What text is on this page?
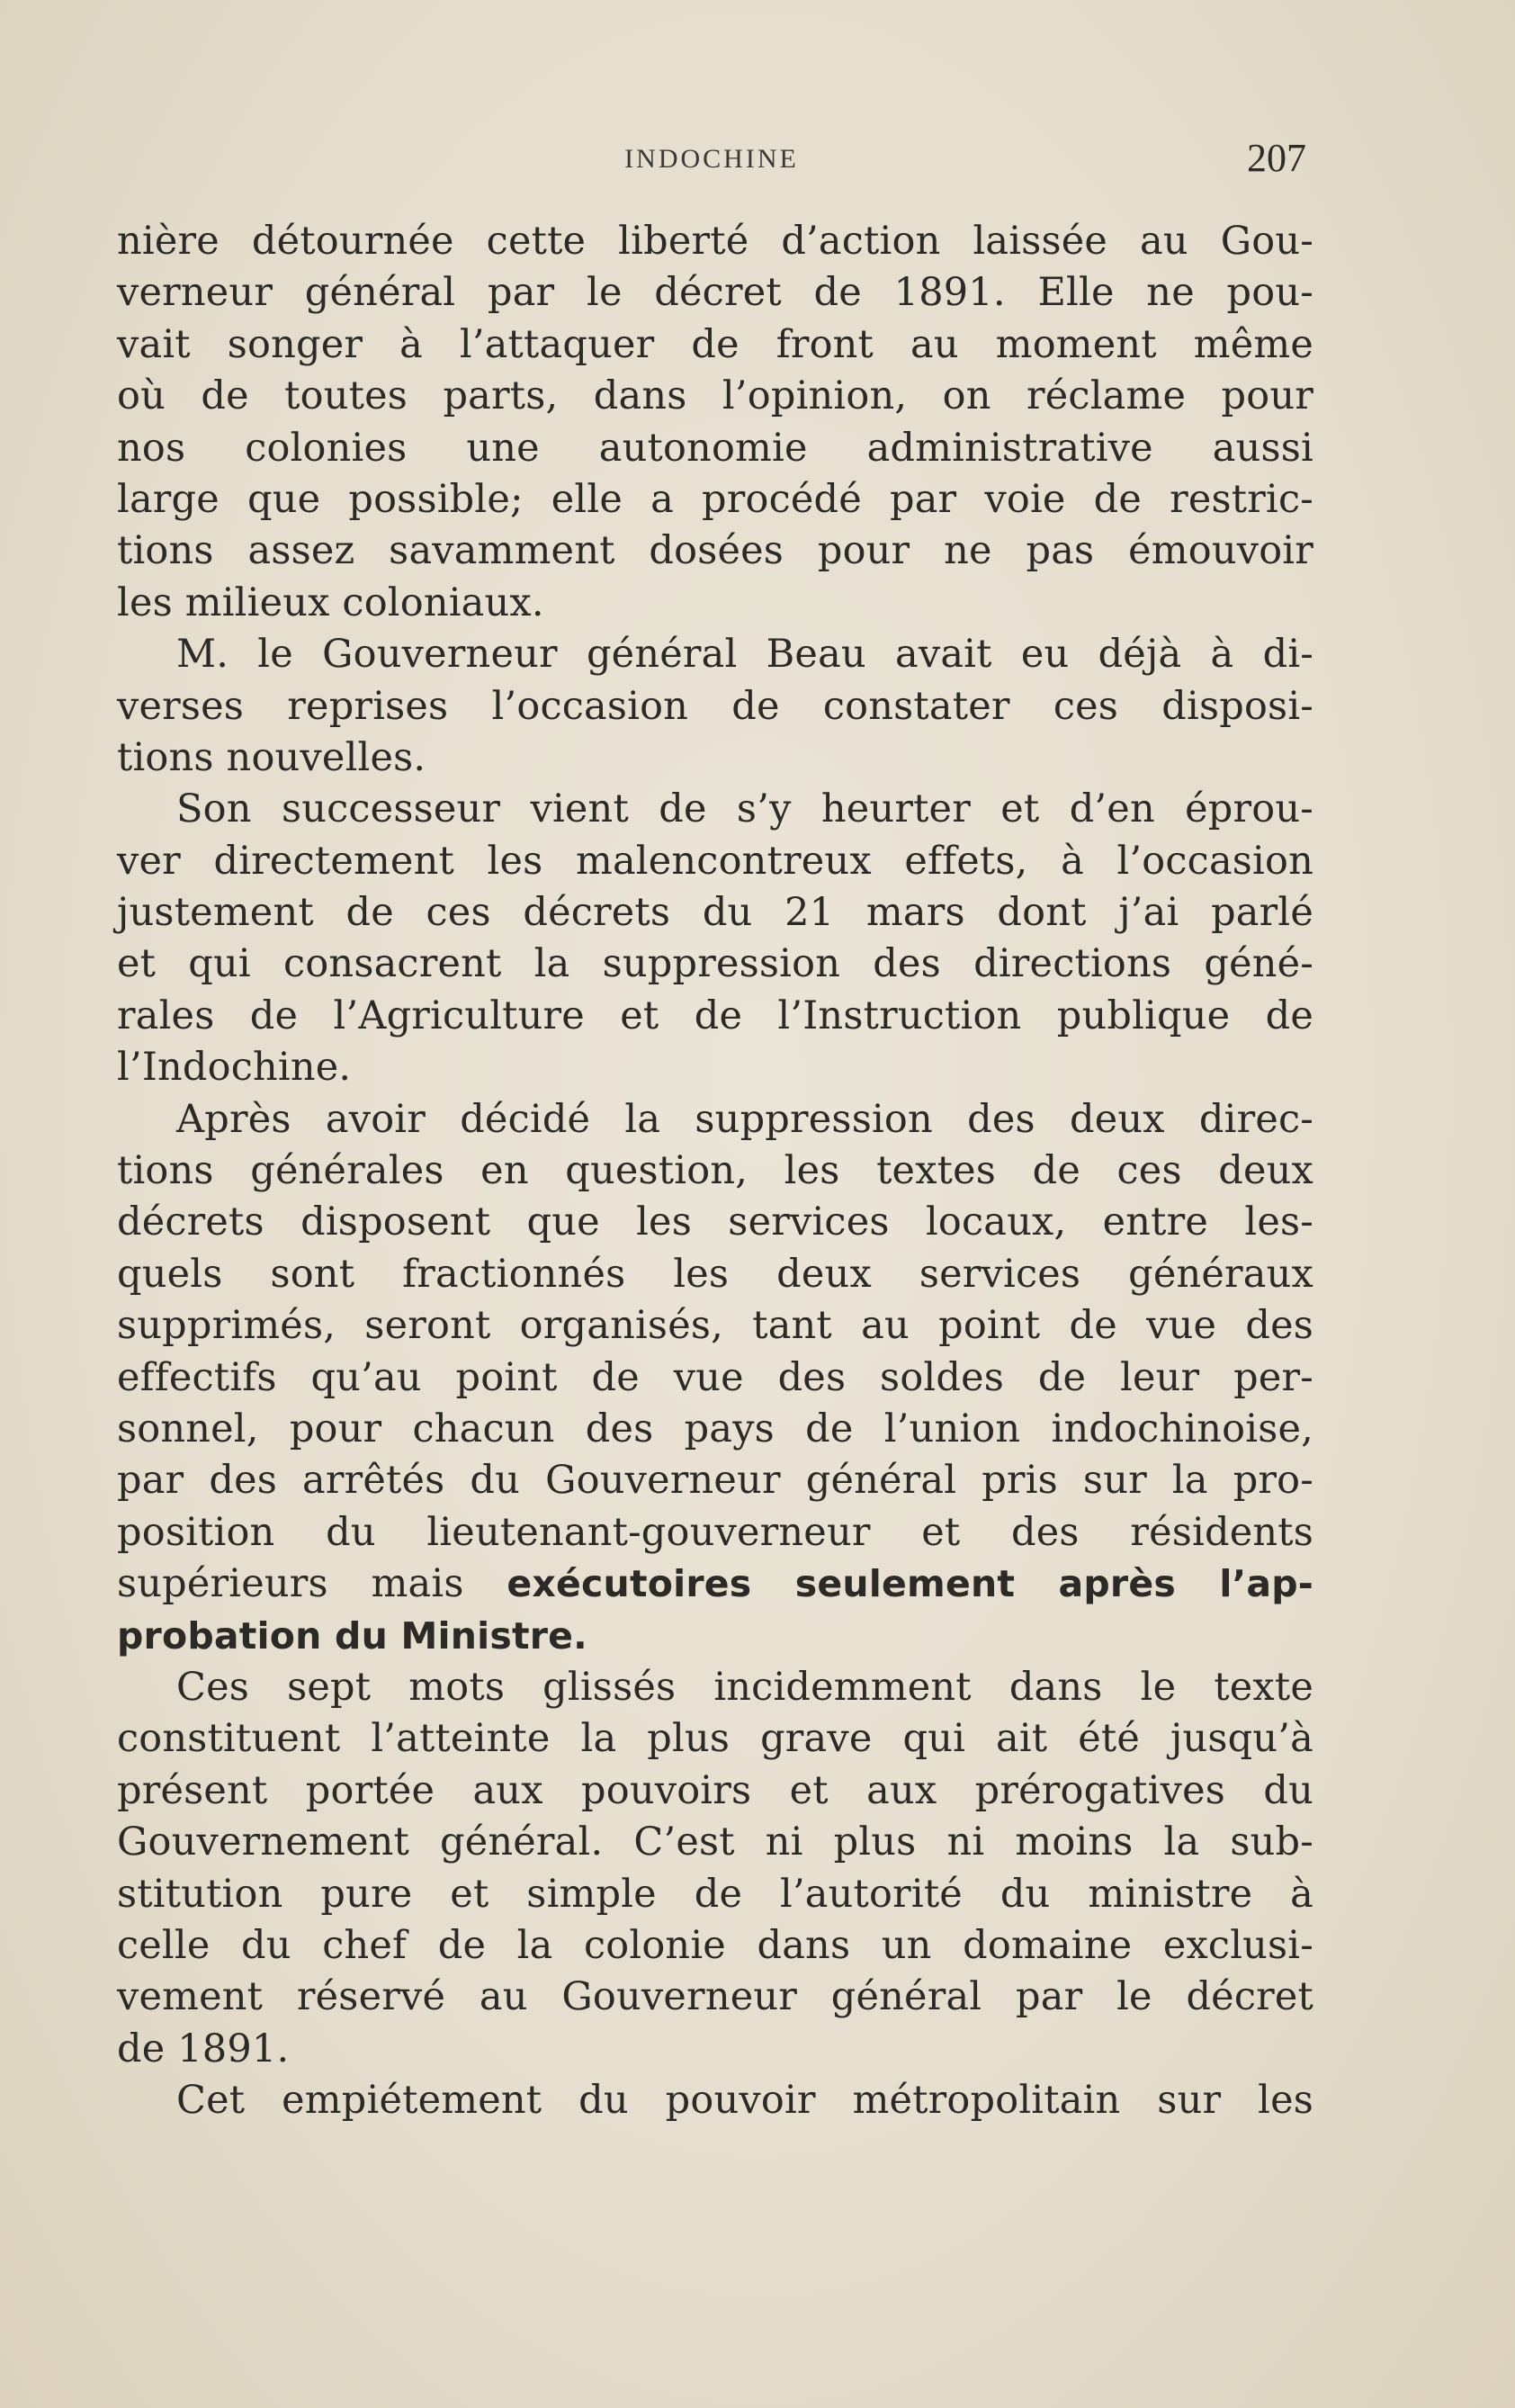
INDOCHINE	207
nière détournée cette liberté d’action laissée au Gou-
verneur général par le décret de 1891. Elle ne pou-
vait songer à l’attaquer de front au moment même
où de toutes parts, dans l’opinion, on réclame pour
nos colonies une autonomie administrative aussi
large que possible; elle a procédé par voie de restric-
tions assez savamment dosées pour ne pas émouvoir
les milieux coloniaux.
M. le Gouverneur général Beau avait eu déjà à di-
verses reprises l’occasion de constater ces disposi-
tions nouvelles.
Son successeur vient de s’y heurter et d’en éprou-
ver directement les malencontreux effets, à l’occasion
justement de ces décrets du 21 mars dont j’ai parlé
et qui consacrent la suppression des directions géné-
rales de l’Agriculture et de l’Instruction publique de
l’Indochine.
Après avoir décidé la suppression des deux direc-
tions générales en question, les textes de ces deux
décrets disposent que les services locaux, entre les-
quels sont fractionnés les deux services généraux
supprimés, seront organisés, tant au point de vue des
effectifs qu’au point de vue des soldes de leur per-
sonnel, pour chacun des pays de l’union indochinoise,
par des arrêtés du Gouverneur général pris sur la pro-
position du lieutenant-gouverneur et des résidents
supérieurs mais exécutoires seulement après l’ap-
probation du Ministre.
Ces sept mots glissés incidemment dans le texte
constituent l’atteinte la plus grave qui ait été jusqu’à
présent portée aux pouvoirs et aux prérogatives du
Gouvernement général. C’est ni plus ni moins la sub-
stitution pure et simple de l’autorité du ministre à
celle du chef de la colonie dans un domaine exclusi-
vement réservé au Gouverneur général par le décret
de 1891.
Cet empiétement du pouvoir métropolitain sur les
